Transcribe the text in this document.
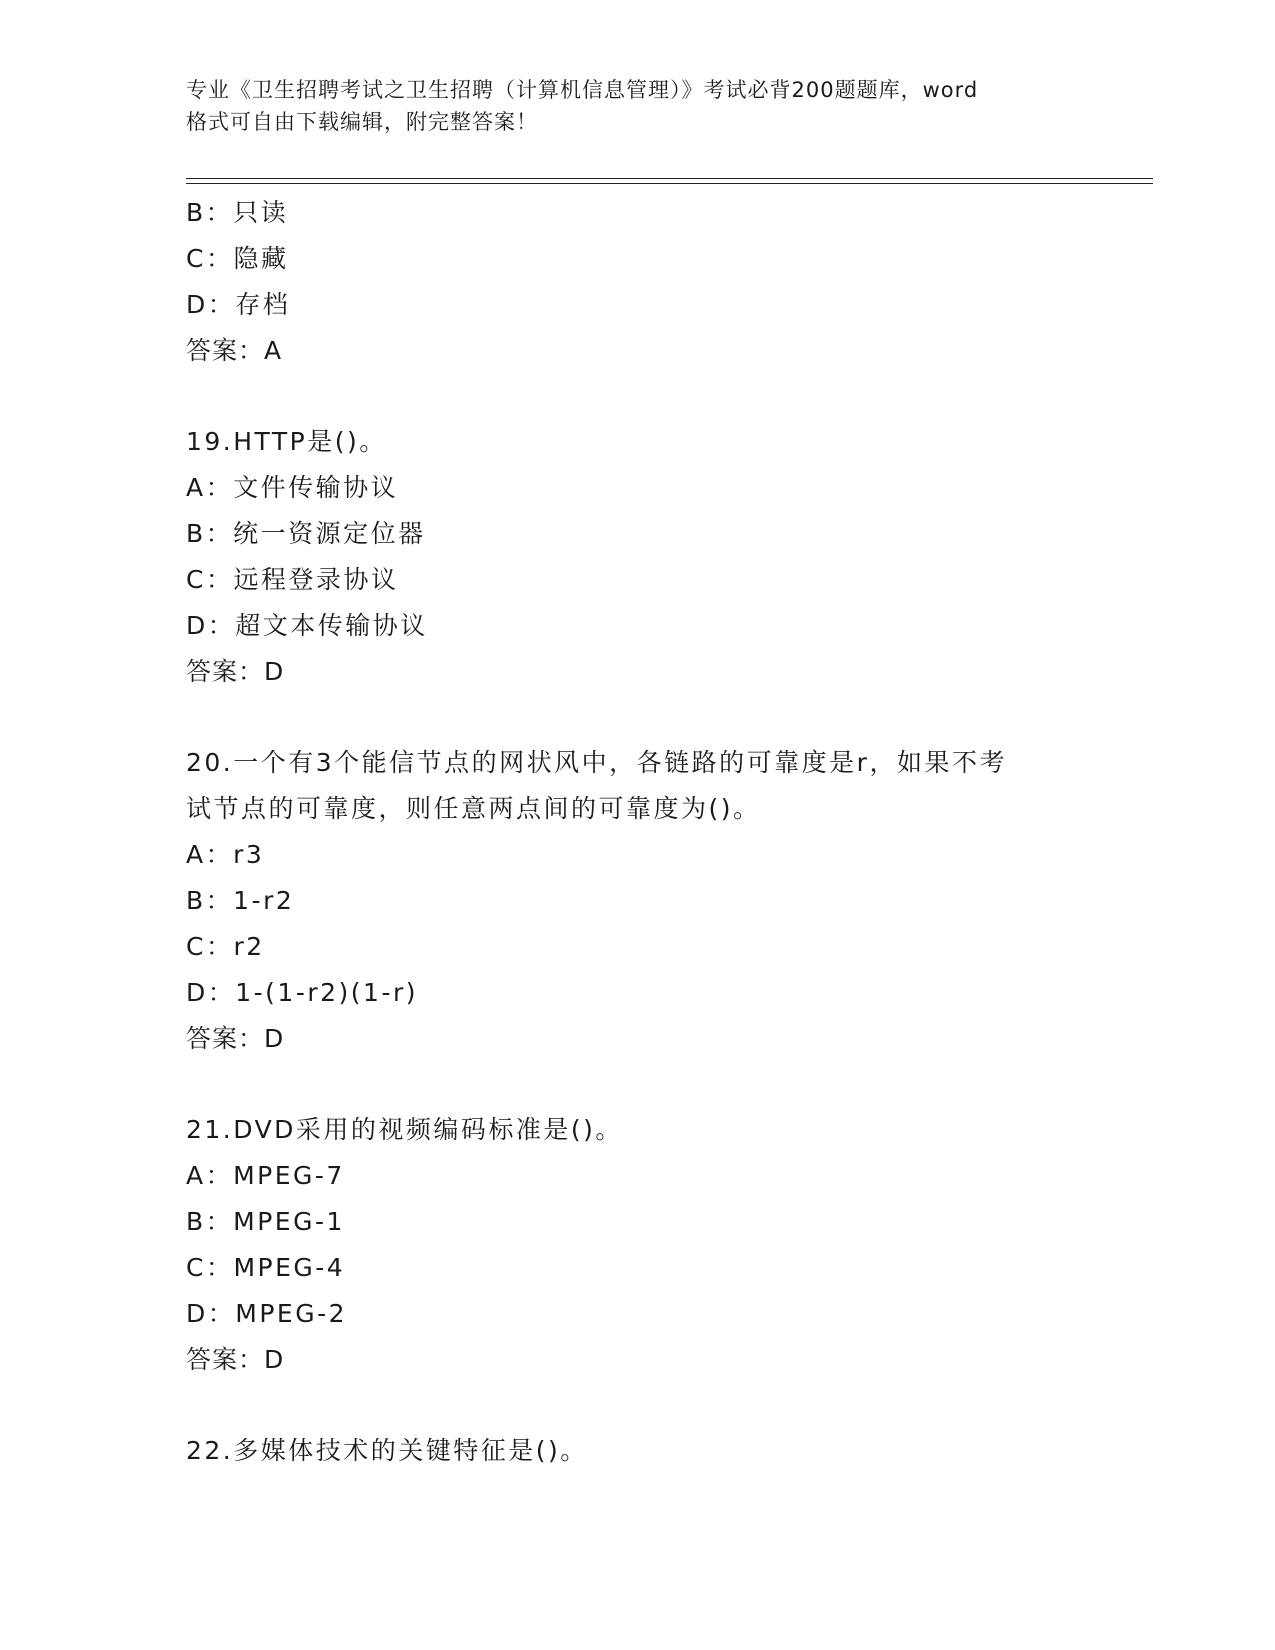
专业《卫生招聘考试之卫生招聘（计算机信息管理）》考试必背200题题库，word
格式可自由下载编辑，附完整答案！
B：只读
C：隐藏
D：存档
答案：A
19.HTTP是()。
A：文件传输协议
B：统一资源定位器
C：远程登录协议
D：超文本传输协议
答案：D
20.一个有3个能信节点的网状风中，各链路的可靠度是r，如果不考
试节点的可靠度，则任意两点间的可靠度为()。
A：r3
B：1-r2
C：r2
D：1-(1-r2)(1-r)
答案：D
21.DVD采用的视频编码标准是()。
A：MPEG-7
B：MPEG-1
C：MPEG-4
D：MPEG-2
答案：D
22.多媒体技术的关键特征是()。
